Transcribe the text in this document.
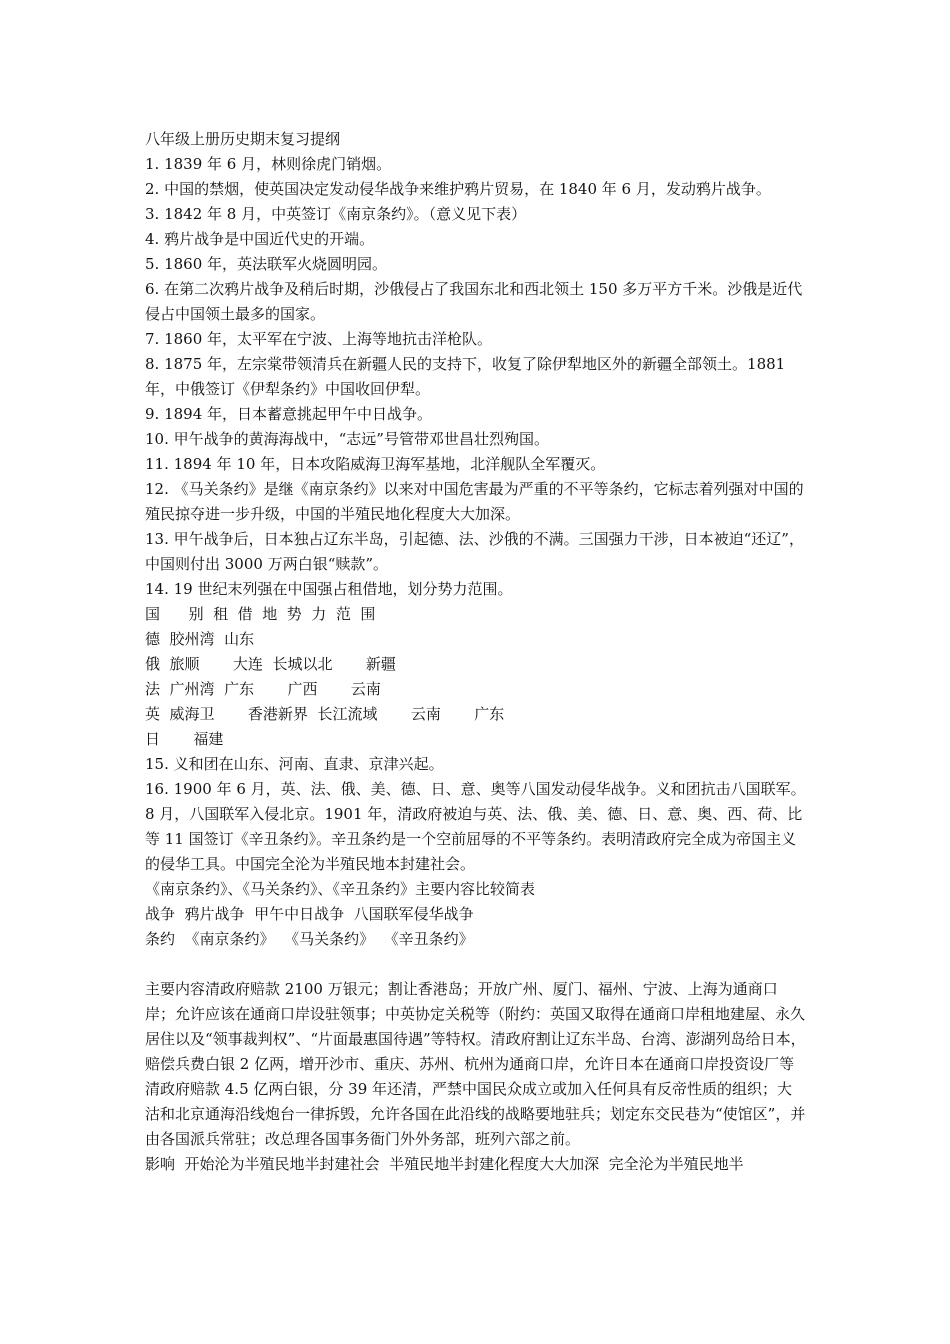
八年级上册历史期末复习提纲
1. 1839 年 6 月，林则徐虎门销烟。
2. 中国的禁烟，使英国决定发动侵华战争来维护鸦片贸易，在 1840 年 6 月，发动鸦片战争。
3. 1842 年 8 月，中英签订《南京条约》。（意义见下表）
4. 鸦片战争是中国近代史的开端。
5. 1860 年，英法联军火烧圆明园。
6. 在第二次鸦片战争及稍后时期，沙俄侵占了我国东北和西北领土 150 多万平方千米。沙俄是近代侵占中国领土最多的国家。
7. 1860 年，太平军在宁波、上海等地抗击洋枪队。
8. 1875 年，左宗棠带领清兵在新疆人民的支持下，收复了除伊犁地区外的新疆全部领土。1881 年，中俄签订《伊犁条约》中国收回伊犁。
9. 1894 年，日本蓄意挑起甲午中日战争。
10. 甲午战争的黄海海战中，“志远”号管带邓世昌壮烈殉国。
11. 1894 年 10 年，日本攻陷威海卫海军基地，北洋舰队全军覆灭。
12. 《马关条约》是继《南京条约》以来对中国危害最为严重的不平等条约，它标志着列强对中国的殖民掠夺进一步升级，中国的半殖民地化程度大大加深。
13. 甲午战争后，日本独占辽东半岛，引起德、法、沙俄的不满。三国强力干涉，日本被迫“还辽”，中国则付出 3000 万两白银“赎款”。
14. 19 世纪末列强在中国强占租借地，划分势力范围。
国      别  租  借  地  势  力  范  围
德  胶州湾  山东
俄  旅顺       大连  长城以北       新疆
法  广州湾  广东       广西       云南
英  威海卫       香港新界  长江流域       云南       广东
日       福建
15. 义和团在山东、河南、直隶、京津兴起。
16. 1900 年 6 月，英、法、俄、美、德、日、意、奥等八国发动侵华战争。义和团抗击八国联军。8 月，八国联军入侵北京。1901 年，清政府被迫与英、法、俄、美、德、日、意、奥、西、荷、比等 11 国签订《辛丑条约》。辛丑条约是一个空前屈辱的不平等条约。表明清政府完全成为帝国主义的侵华工具。中国完全沦为半殖民地本封建社会。
《南京条约》、《马关条约》、《辛丑条约》主要内容比较简表
战争  鸦片战争  甲午中日战争  八国联军侵华战争
条约  《南京条约》  《马关条约》  《辛丑条约》
主要内容清政府赔款 2100 万银元；割让香港岛；开放广州、厦门、福州、宁波、上海为通商口岸；允许应该在通商口岸设驻领事；中英协定关税等（附约：英国又取得在通商口岸租地建屋、永久居住以及“领事裁判权”、“片面最惠国待遇”等特权。清政府割让辽东半岛、台湾、澎湖列岛给日本，赔偿兵费白银 2 亿两，增开沙市、重庆、苏州、杭州为通商口岸，允许日本在通商口岸投资设厂等清政府赔款 4.5 亿两白银，分 39 年还清，严禁中国民众成立或加入任何具有反帝性质的组织；大沽和北京通海沿线炮台一律拆毁，允许各国在此沿线的战略要地驻兵；划定东交民巷为“使馆区”，并由各国派兵常驻；改总理各国事务衙门外外务部，班列六部之前。
影响  开始沦为半殖民地半封建社会  半殖民地半封建化程度大大加深  完全沦为半殖民地半
